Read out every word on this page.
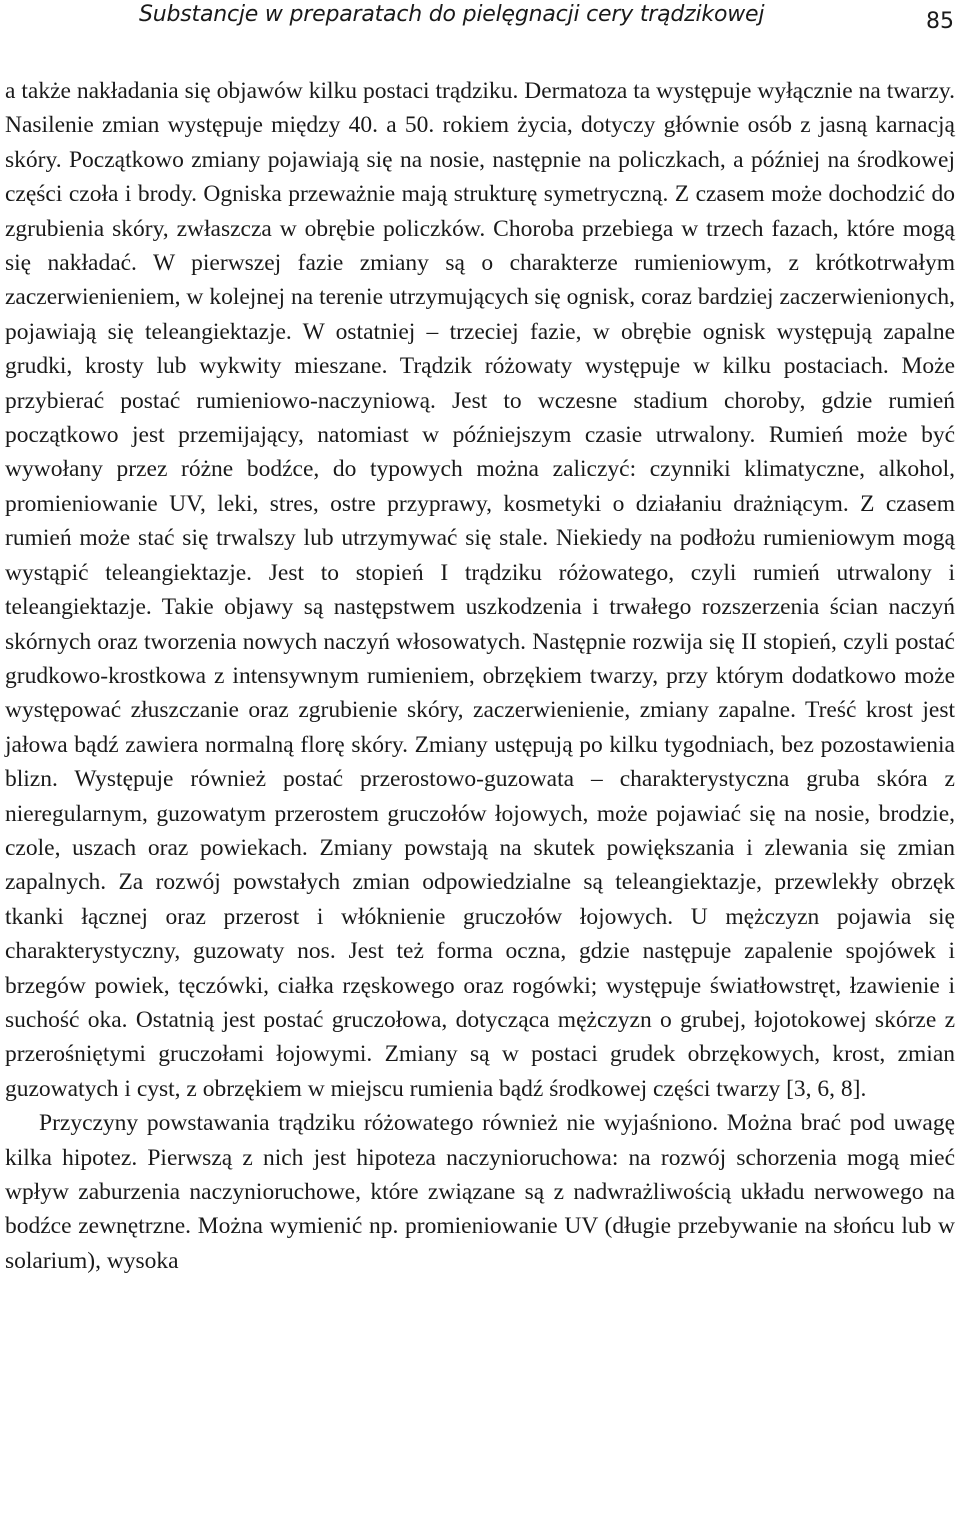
Substancje w preparatach do pielęgnacji cery trądzikowej	85

a także nakładania się objawów kilku postaci trądziku. Dermatoza ta występuje wyłącznie na twarzy. Nasilenie zmian występuje między 40. a 50. rokiem życia, dotyczy głównie osób z jasną karnacją skóry. Początkowo zmiany pojawiają się na nosie, następnie na policzkach, a później na środkowej części czoła i brody. Ogniska przeważnie mają strukturę symetryczną. Z czasem może dochodzić do zgrubienia skóry, zwłaszcza w obrębie policzków. Choroba przebiega w trzech fazach, które mogą się nakładać. W pierwszej fazie zmiany są o charakterze rumieniowym, z krótkotrwałym zaczerwienieniem, w kolejnej na terenie utrzymujących się ognisk, coraz bardziej zaczerwienionych, pojawiają się teleangiektazje. W ostatniej – trzeciej fazie, w obrębie ognisk występują zapalne grudki, krosty lub wykwity mieszane. Trądzik różowaty występuje w kilku postaciach. Może przybierać postać rumieniowo-naczyniową. Jest to wczesne stadium choroby, gdzie rumień początkowo jest przemijający, natomiast w późniejszym czasie utrwalony. Rumień może być wywołany przez różne bodźce, do typowych można zaliczyć: czynniki klimatyczne, alkohol, promieniowanie UV, leki, stres, ostre przyprawy, kosmetyki o działaniu drażniącym. Z czasem rumień może stać się trwalszy lub utrzymywać się stale. Niekiedy na podłożu rumieniowym mogą wystąpić teleangiektazje. Jest to stopień I trądziku różowatego, czyli rumień utrwalony i teleangiektazje. Takie objawy są następstwem uszkodzenia i trwałego rozszerzenia ścian naczyń skórnych oraz tworzenia nowych naczyń włosowatych. Następnie rozwija się II stopień, czyli postać grudkowo-krostkowa z intensywnym rumieniem, obrzękiem twarzy, przy którym dodatkowo może występować złuszczanie oraz zgrubienie skóry, zaczerwienienie, zmiany zapalne. Treść krost jest jałowa bądź zawiera normalną florę skóry. Zmiany ustępują po kilku tygodniach, bez pozostawienia blizn. Występuje również postać przerostowo-guzowata – charakterystyczna gruba skóra z nieregularnym, guzowatym przerostem gruczołów łojowych, może pojawiać się na nosie, brodzie, czole, uszach oraz powiekach. Zmiany powstają na skutek powiększania i zlewania się zmian zapalnych. Za rozwój powstałych zmian odpowiedzialne są teleangiektazje, przewlekły obrzęk tkanki łącznej oraz przerost i włóknienie gruczołów łojowych. U mężczyzn pojawia się charakterystyczny, guzowaty nos. Jest też forma oczna, gdzie następuje zapalenie spojówek i brzegów powiek, tęczówki, ciałka rzęskowego oraz rogówki; występuje światłowstręt, łzawienie i suchość oka. Ostatnią jest postać gruczołowa, dotycząca mężczyzn o grubej, łojotokowej skórze z przerośniętymi gruczołami łojowymi. Zmiany są w postaci grudek obrzękowych, krost, zmian guzowatych i cyst, z obrzękiem w miejscu rumienia bądź środkowej części twarzy [3, 6, 8].

Przyczyny powstawania trądziku różowatego również nie wyjaśniono. Można brać pod uwagę kilka hipotez. Pierwszą z nich jest hipoteza naczynioruchowa: na rozwój schorzenia mogą mieć wpływ zaburzenia naczynioruchowe, które związane są z nadwrażliwością układu nerwowego na bodźce zewnętrzne. Można wymienić np. promieniowanie UV (długie przebywanie na słońcu lub w solarium), wysoka
